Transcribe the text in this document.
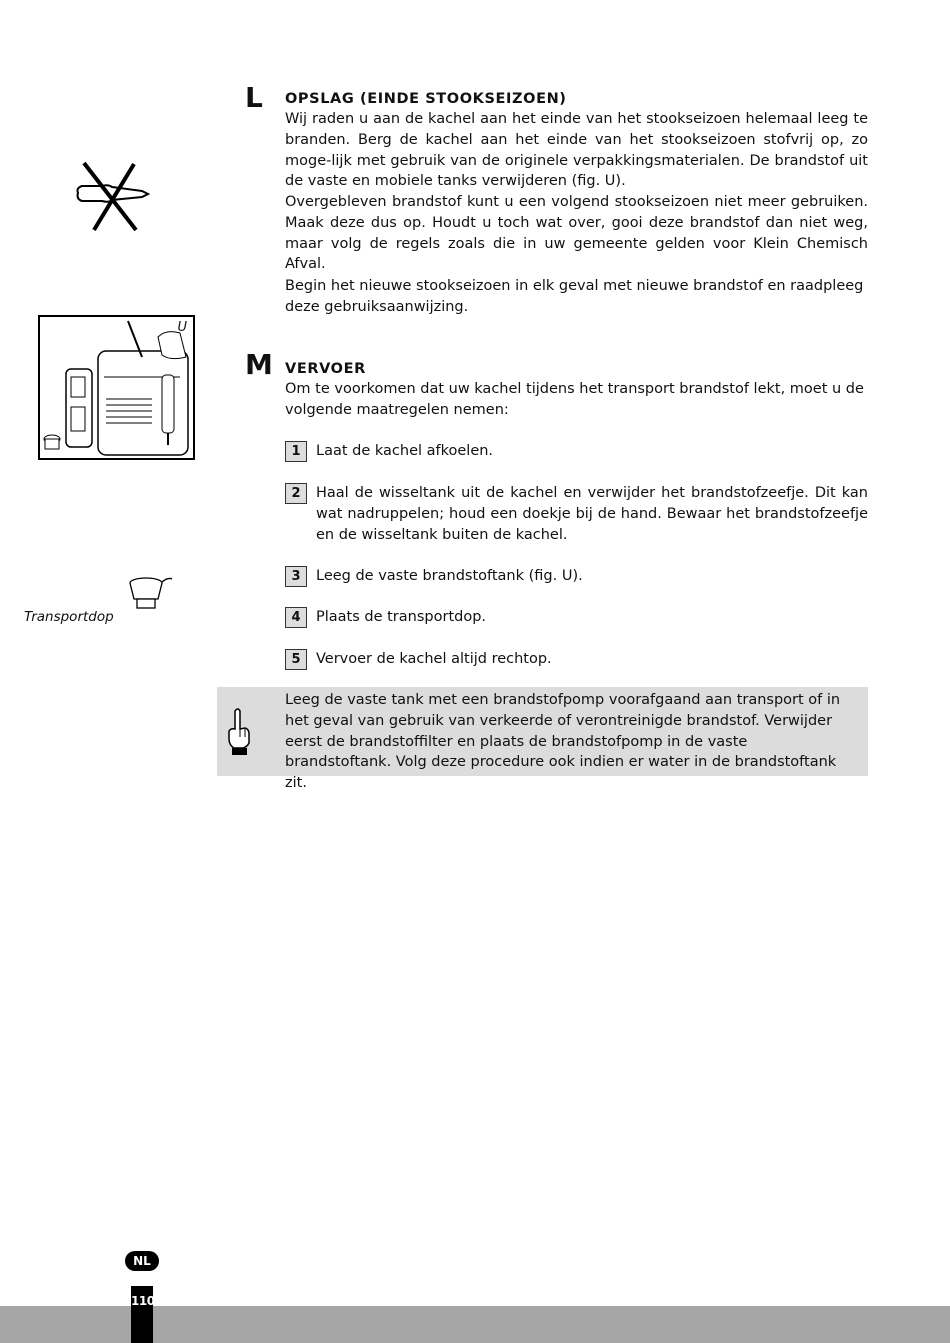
L OPSLAG (EINDE STOOKSEIZOEN)
Wij raden u aan de kachel aan het einde van het stookseizoen helemaal leeg te branden. Berg de kachel aan het einde van het stookseizoen stofvrij op, zo moge-lijk met gebruik van de originele verpakkingsmaterialen. De brandstof uit de vaste en mobiele tanks verwijderen (fig. U).
Overgebleven brandstof kunt u een volgend stookseizoen niet meer gebruiken. Maak deze dus op. Houdt u toch wat over, gooi deze brandstof dan niet weg, maar volg de regels zoals die in uw gemeente gelden voor Klein Chemisch Afval.
Begin het nieuwe stookseizoen in elk geval met nieuwe brandstof en raadpleeg deze gebruiksaanwijzing.
U
Transportdop
M VERVOER
Om te voorkomen dat uw kachel tijdens het transport brandstof lekt, moet u de volgende maatregelen nemen:
1	Laat de kachel afkoelen.
2	Haal de wisseltank uit de kachel en verwijder het brandstofzeefje. Dit kan wat nadruppelen; houd een doekje bij de hand. Bewaar het brandstofzeefje en de wisseltank buiten de kachel.
3	Leeg de vaste brandstoftank (fig. U).
4	Plaats de transportdop.
5	Vervoer de kachel altijd rechtop.
Leeg de vaste tank met een brandstofpomp voorafgaand aan transport of in het geval van gebruik van verkeerde of verontreinigde brandstof. Verwijder eerst de brandstoffilter en plaats de brandstofpomp in de vaste brandstoftank. Volg deze procedure ook indien er water in de brandstoftank zit.
NL
110
